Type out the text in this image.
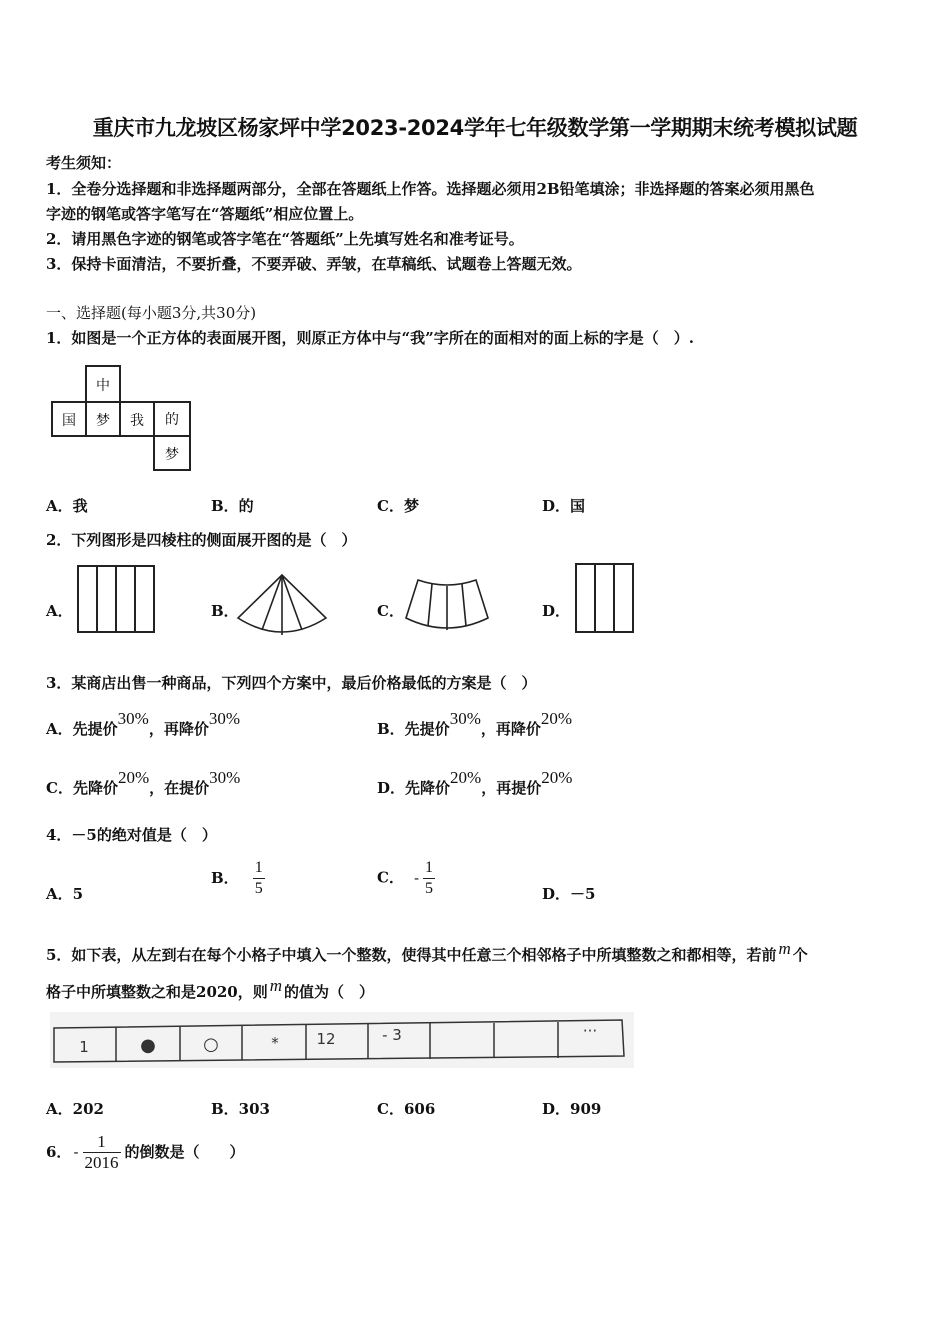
重庆市九龙坡区杨家坪中学2023-2024学年七年级数学第一学期期末统考模拟试题
考生须知：
1．全卷分选择题和非选择题两部分，全部在答题纸上作答。选择题必须用2B铅笔填涂；非选择题的答案必须用黑色
字迹的钢笔或答字笔写在“答题纸”相应位置上。
2．请用黑色字迹的钢笔或答字笔在“答题纸”上先填写姓名和准考证号。
3．保持卡面清洁，不要折叠，不要弄破、弄皱，在草稿纸、试题卷上答题无效。
一、选择题(每小题3分,共30分)
1．如图是一个正方体的表面展开图，则原正方体中与“我”字所在的面相对的面上标的字是（　）.
中
国 梦 我 的
梦
A．我	B．的	C．梦	D．国
2．下列图形是四棱柱的侧面展开图的是（　）
A．	B．	C．	D．
3．某商店出售一种商品，下列四个方案中，最后价格最低的方案是（　）
A．先提价30%，再降价30%
B．先提价30%，再降价20%
C．先降价20%，在提价30%
D．先降价20%，再提价20%
4．－5的绝对值是（　）
A．5
B． $\frac{1}{5}$	C． - $\frac{1}{5}$	D．－5
5．如下表，从左到右在每个小格子中填入一个整数，使得其中任意三个相邻格子中所填整数之和都相等，若前 m 个
格子中所填整数之和是2020，则 m 的值为（　）
1	●	○	*	12	- 3	···
A．202	B．303	C．606	D．909
6． - $\frac{1}{2016}$ 的倒数是（　　）
